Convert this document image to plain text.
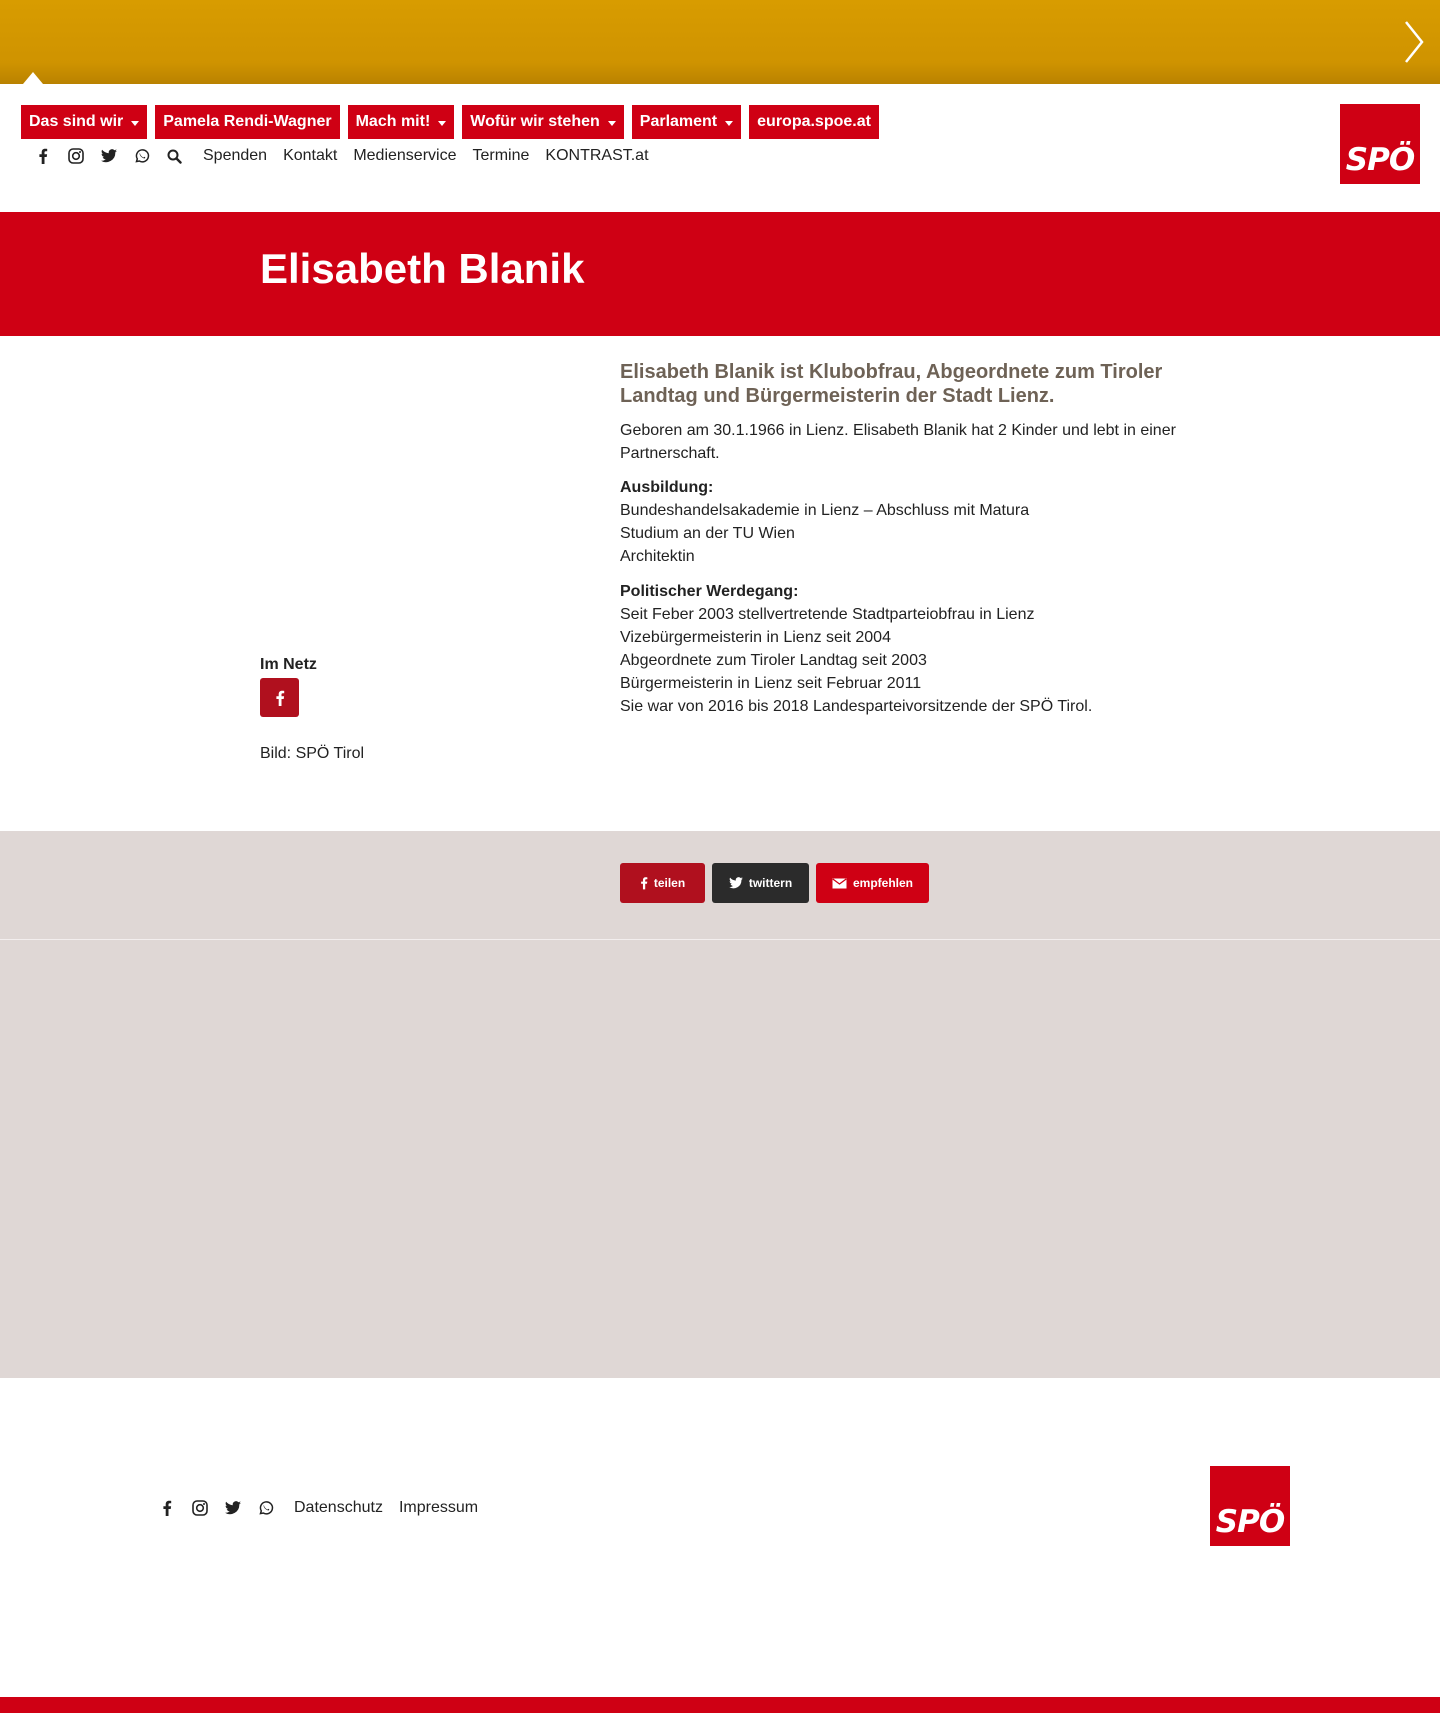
Das sind wir	Pamela Rendi-Wagner Mach mit!	Wofür wir stehen	Parlament	europa.spoe.at
Spenden Kontakt Medienservice Termine KONTRAST.at	SPÖ
Elisabeth Blanik
Elisabeth Blanik ist Klubobfrau, Abgeordnete zum Tiroler Landtag und Bürgermeisterin der Stadt Lienz.
Geboren am 30.1.1966 in Lienz. Elisabeth Blanik hat 2 Kinder und lebt in einer Partnerschaft.
Ausbildung:
Bundeshandelsakademie in Lienz – Abschluss mit Matura
Studium an der TU Wien
Architektin
Politischer Werdegang:
Seit Feber 2003 stellvertretende Stadtparteiobfrau in Lienz
Vizebürgermeisterin in Lienz seit 2004
Abgeordnete zum Tiroler Landtag seit 2003
Bürgermeisterin in Lienz seit Februar 2011
Sie war von 2016 bis 2018 Landesparteivorsitzende der SPÖ Tirol.
Im Netz
Bild: SPÖ Tirol
teilen	twittern	empfehlen
Datenschutz Impressum	SPÖ
